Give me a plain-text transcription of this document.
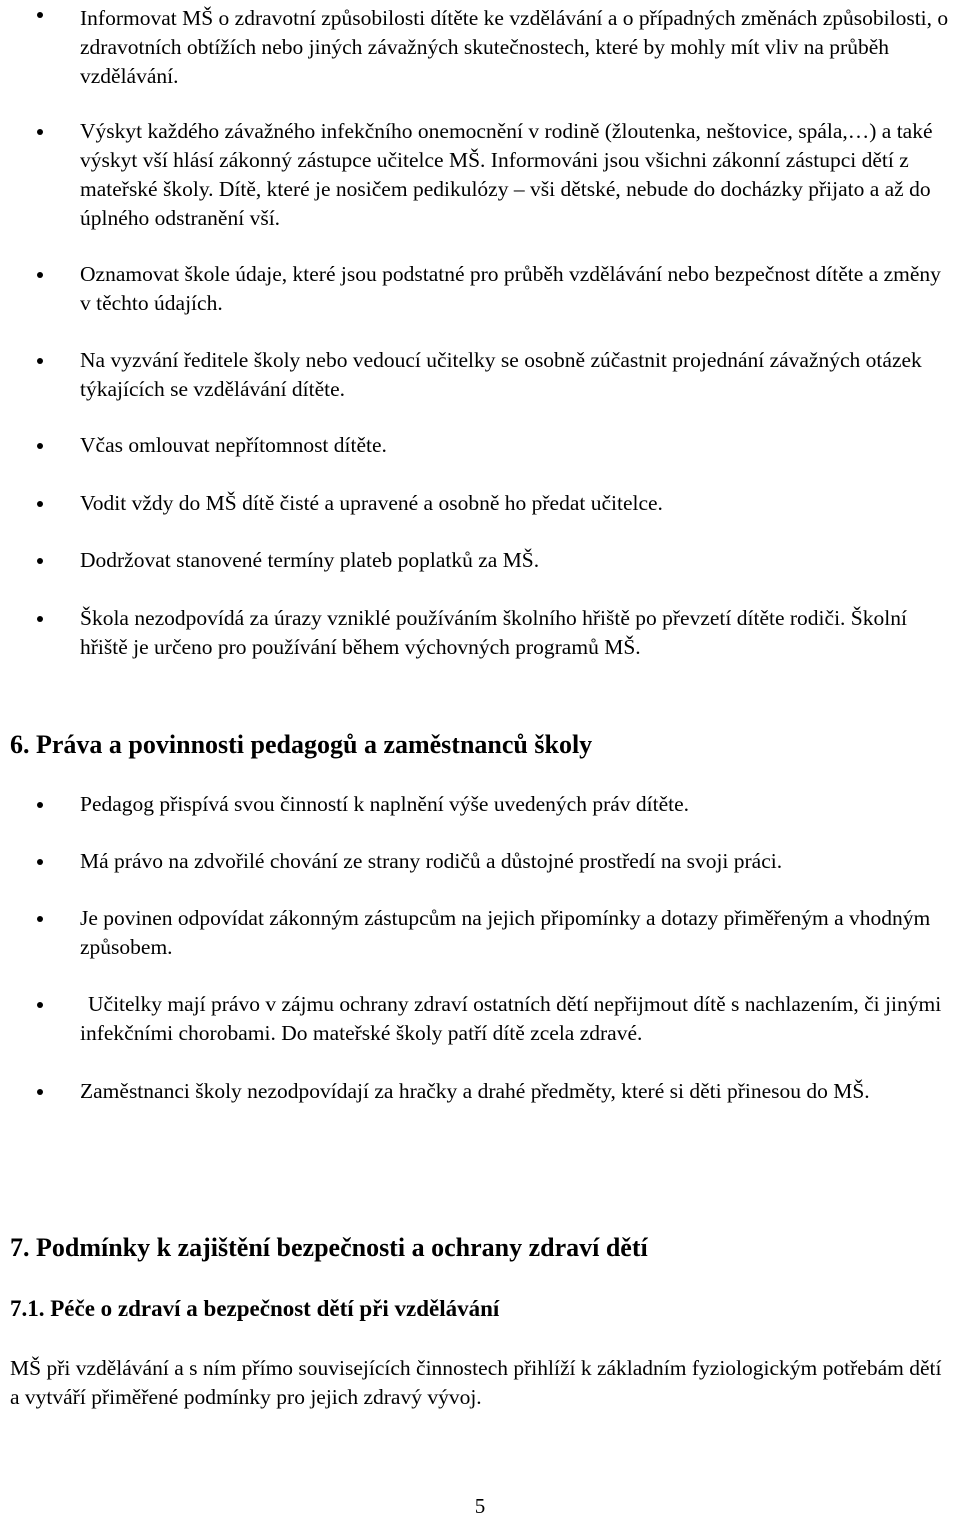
Informovat MŠ o zdravotní způsobilosti dítěte ke vzdělávání a o případných změnách způsobilosti, o zdravotních obtížích nebo jiných závažných skutečnostech, které by mohly mít vliv na průběh vzdělávání.
Výskyt každého závažného infekčního onemocnění v rodině (žloutenka, neštovice, spála,…) a také výskyt vší hlásí zákonný zástupce učitelce MŠ. Informováni jsou všichni zákonní zástupci dětí z mateřské školy. Dítě, které je nosičem pedikulózy – vši dětské, nebude do docházky přijato a až do úplného odstranění vší.
Oznamovat škole údaje, které jsou podstatné pro průběh vzdělávání nebo bezpečnost dítěte a změny v těchto údajích.
Na vyzvání ředitele školy nebo vedoucí učitelky se osobně zúčastnit projednání závažných otázek týkajících se vzdělávání dítěte.
Včas omlouvat nepřítomnost dítěte.
Vodit vždy do MŠ dítě čisté a upravené a osobně ho předat učitelce.
Dodržovat stanovené termíny plateb poplatků za MŠ.
Škola nezodpovídá za úrazy vzniklé používáním školního hřiště po převzetí dítěte rodiči. Školní hřiště je určeno pro používání během výchovných programů MŠ.
6. Práva a povinnosti pedagogů a zaměstnanců školy
Pedagog přispívá svou činností k naplnění výše uvedených práv dítěte.
Má právo na zdvořilé chování ze strany rodičů a důstojné prostředí na svoji práci.
Je povinen odpovídat zákonným zástupcům na jejich připomínky a dotazy přiměřeným a vhodným způsobem.
Učitelky mají právo v zájmu ochrany zdraví ostatních dětí nepřijmout dítě s nachlazením, či jinými infekčními chorobami. Do mateřské školy patří dítě zcela zdravé.
Zaměstnanci školy nezodpovídají za hračky a drahé předměty, které si děti přinesou do MŠ.
7. Podmínky k zajištění bezpečnosti a ochrany zdraví dětí
7.1. Péče o zdraví a bezpečnost dětí při vzdělávání

MŠ při vzdělávání a s ním přímo souvisejících činnostech přihlíží k základním fyziologickým potřebám dětí a vytváří přiměřené podmínky pro jejich zdravý vývoj.

5
